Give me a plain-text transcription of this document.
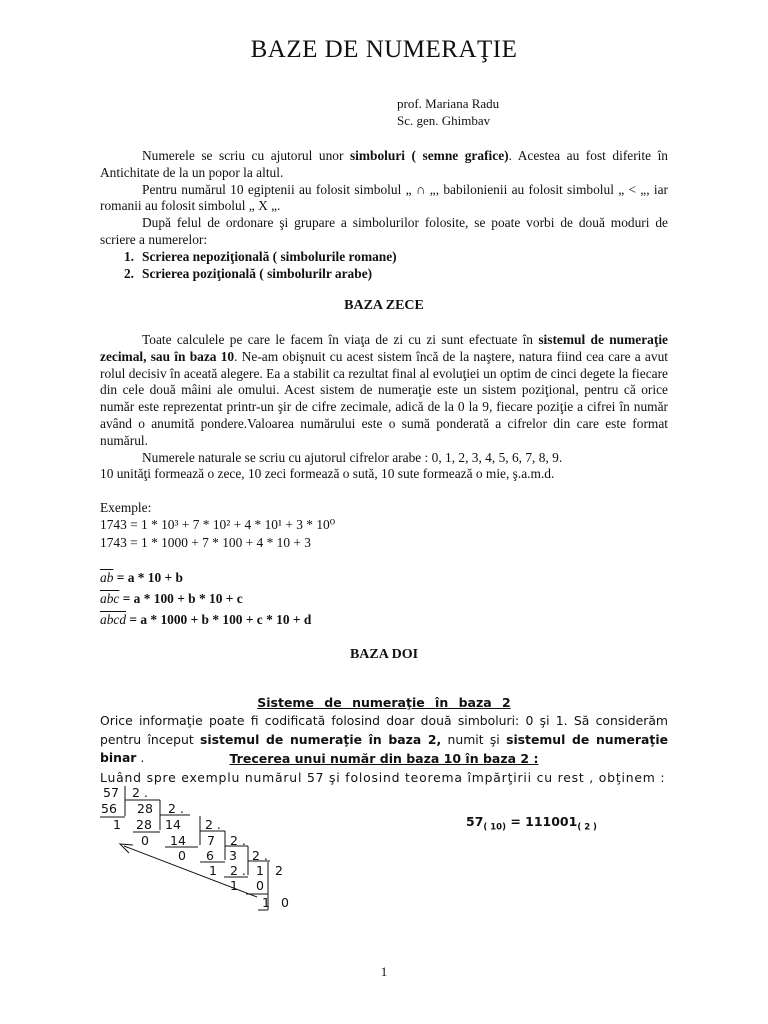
BAZE DE NUMERAŢIE
prof. Mariana Radu
Sc. gen. Ghimbav

Numerele se scriu cu ajutorul unor simboluri ( semne grafice). Acestea au fost diferite în Antichitate de la un popor la altul.

Pentru numărul 10 egiptenii au folosit simbolul „ ∩ „, babilonienii au folosit simbolul „ < „, iar romanii au folosit simbolul „ X „.

După felul de ordonare şi grupare a simbolurilor folosite, se poate vorbi de două moduri de scriere a numerelor:

1. Scrierea nepoziţională ( simbolurile romane)
2. Scrierea poziţională ( simbolurilr arabe)
BAZA ZECE

Toate calculele pe care le facem în viaţa de zi cu zi sunt efectuate în sistemul de numeraţie zecimal, sau în baza 10. Ne-am obişnuit cu acest sistem încă de la naştere, natura fiind cea care a avut rolul decisiv în aceată alegere. Ea a stabilit ca rezultat final al evoluţiei un optim de cinci degete la fiecare din cele două mâini ale omului. Acest sistem de numeraţie este un sistem poziţional, pentru că orice număr este reprezentat printr-un şir de cifre zecimale, adică de la 0 la 9, fiecare poziţie a cifrei în număr având o anumită pondere.Valoarea numărului este o sumă ponderată a cifrelor din care este format numărul.

Numerele naturale se scriu cu ajutorul cifrelor arabe : 0, 1, 2, 3, 4, 5, 6, 7, 8, 9.

10 unităţi formează o zece, 10 zeci formează o sută, 10 sute formează o mie, ş.a.m.d.

Exemple:
1743 = 1 * 10³ + 7 * 10² + 4 * 10¹ + 3 * 10⁰
1743 = 1 * 1000 + 7 * 100 + 4 * 10 + 3
$\overline{ab} = a * 10 + b$
$\overline{abc} = a * 100 + b * 10 + c$
abcd = a * 1000 + b * 100 + c * 10 + d
BAZA DOI
Sisteme de numeraţie în baza 2

Orice informaţie poate fi codificată folosind doar două simboluri: 0 şi 1. Să considerăm pentru început sistemul de numeraţie în baza 2, numit şi sistemul de numeraţie binar .	Trecerea unui număr din baza 10 în baza 2 :
Luând spre exemplu numărul 57 şi folosind teorema împărţirii cu rest , obţinem :
57 2 .
56 28 2 .
1 28 14 2 .
0 14 7 2 .
0 6 3 2 .
1 2 . 1 2
1 0
1 0
$57_{( 10)} = 111001_{( 2 )}$
1
